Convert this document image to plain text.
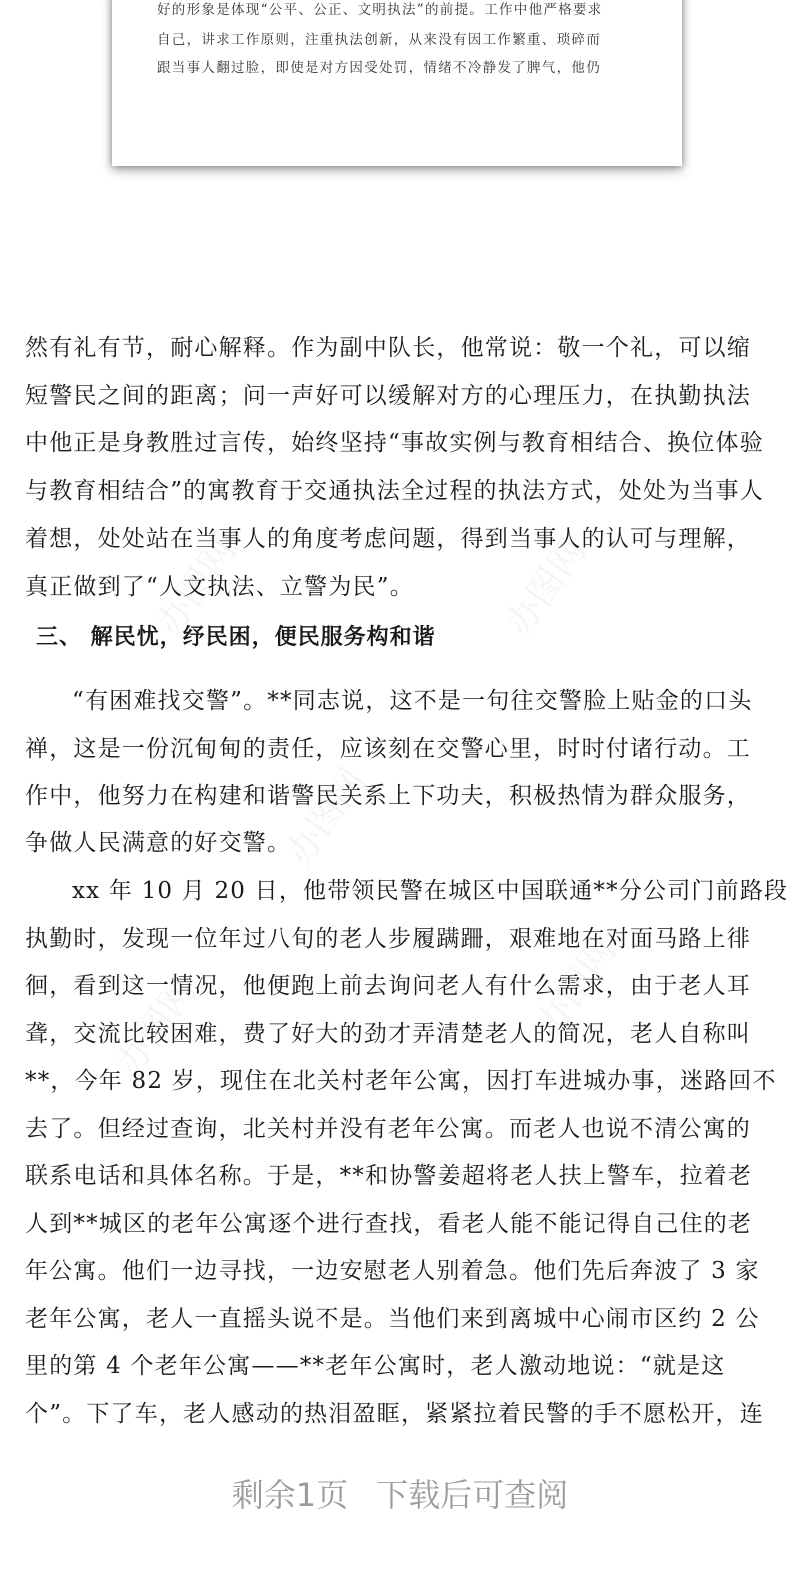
好的形象是体现“公平、公正、文明执法”的前提。工作中他严格要求
自己，讲求工作原则，注重执法创新，从来没有因工作繁重、琐碎而
跟当事人翻过脸，即使是对方因受处罚，情绪不冷静发了脾气，他仍
然有礼有节，耐心解释。作为副中队长，他常说：敬一个礼，可以缩
短警民之间的距离；问一声好可以缓解对方的心理压力，在执勤执法
中他正是身教胜过言传，始终坚持“事故实例与教育相结合、换位体验
与教育相结合”的寓教育于交通执法全过程的执法方式，处处为当事人
着想，处处站在当事人的角度考虑问题，得到当事人的认可与理解，
真正做到了“人文执法、立警为民”。
三、 解民忧，纾民困，便民服务构和谐
“有困难找交警”。**同志说，这不是一句往交警脸上贴金的口头
禅，这是一份沉甸甸的责任，应该刻在交警心里，时时付诸行动。工
作中，他努力在构建和谐警民关系上下功夫，积极热情为群众服务，
争做人民满意的好交警。
xx 年 10 月 20 日，他带领民警在城区中国联通**分公司门前路段
执勤时，发现一位年过八旬的老人步履蹒跚，艰难地在对面马路上徘
徊，看到这一情况，他便跑上前去询问老人有什么需求，由于老人耳
聋，交流比较困难，费了好大的劲才弄清楚老人的简况，老人自称叫
**，今年 82 岁，现住在北关村老年公寓，因打车进城办事，迷路回不
去了。但经过查询，北关村并没有老年公寓。而老人也说不清公寓的
联系电话和具体名称。于是，**和协警姜超将老人扶上警车，拉着老
人到**城区的老年公寓逐个进行查找，看老人能不能记得自己住的老
年公寓。他们一边寻找，一边安慰老人别着急。他们先后奔波了 3 家
老年公寓，老人一直摇头说不是。当他们来到离城中心闹市区约 2 公
里的第 4 个老年公寓——**老年公寓时，老人激动地说：“就是这
个”。下了车，老人感动的热泪盈眶，紧紧拉着民警的手不愿松开，连
剩余1页 下载后可查阅
